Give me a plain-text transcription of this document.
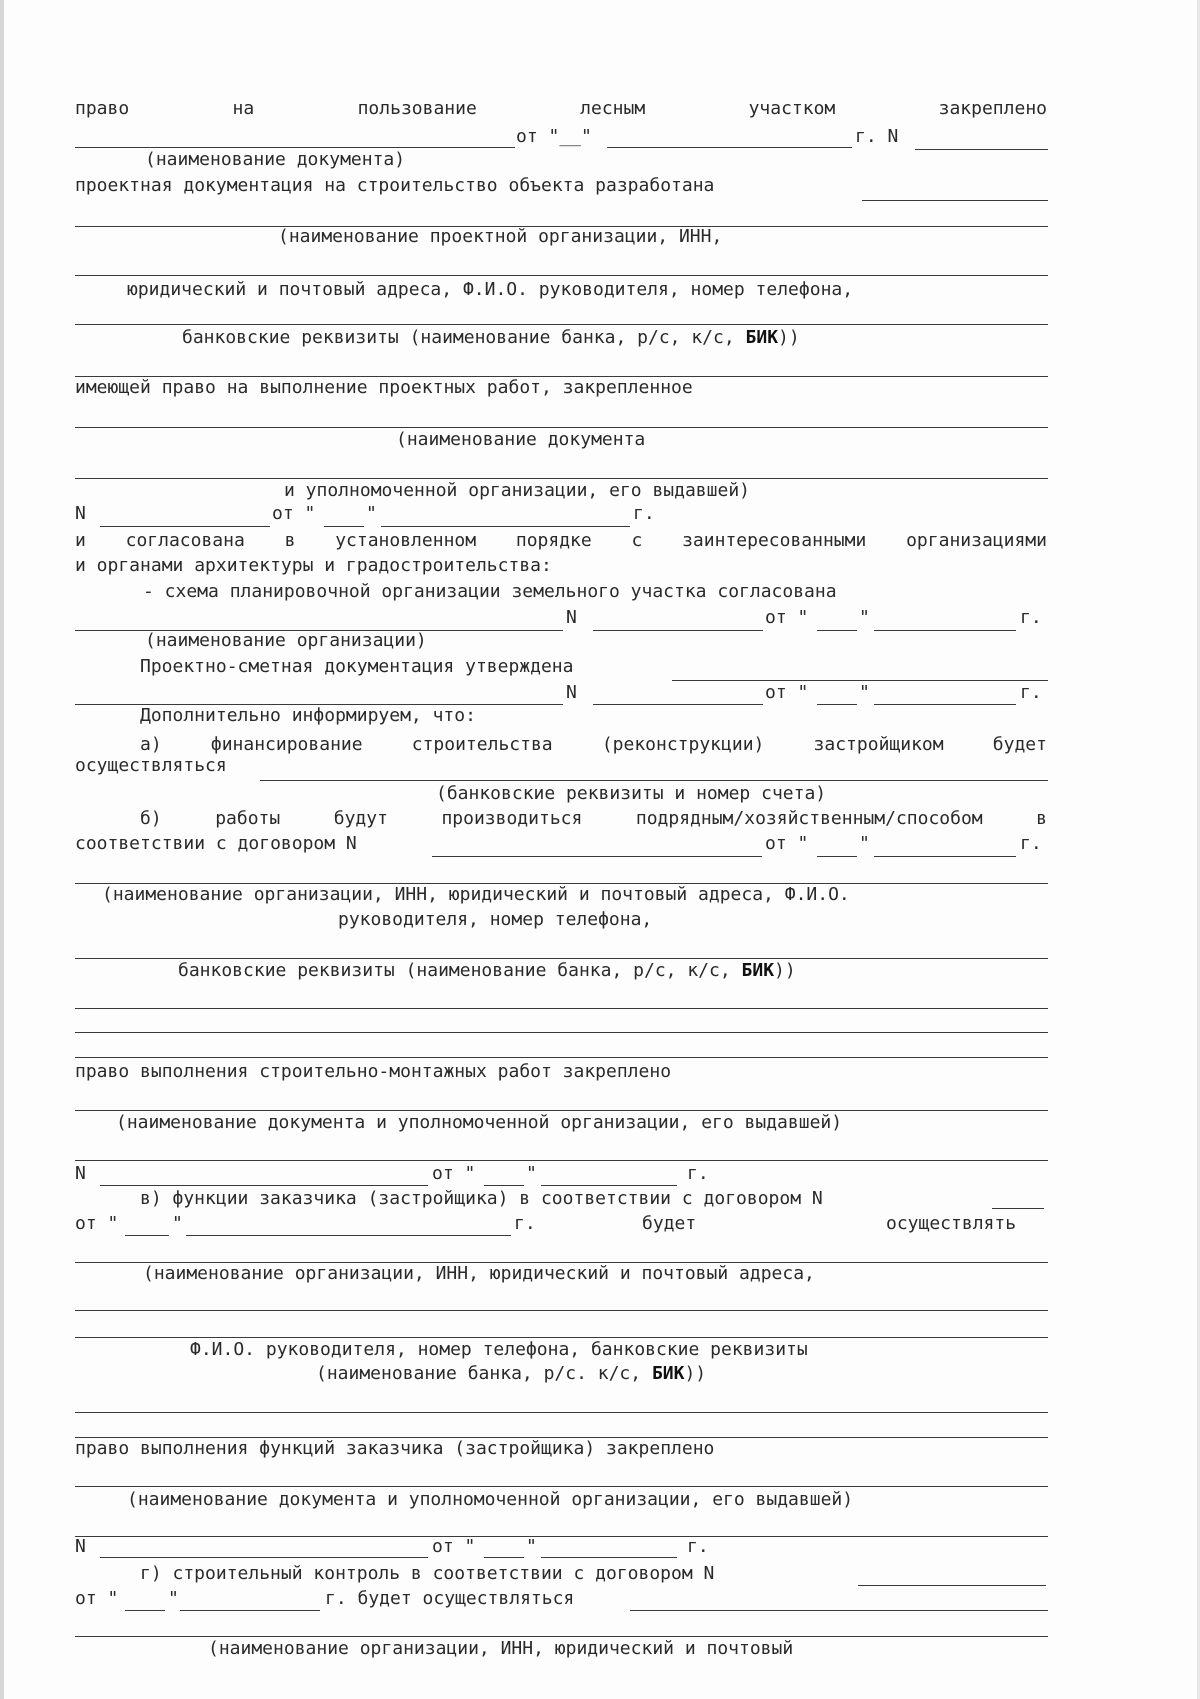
право	на	пользование	лесным	участком	закреплено
от "__"	г. N
(наименование документа)
проектная документация на строительство объекта разработана
(наименование проектной организации, ИНН,
юридический и почтовый адреса, Ф.И.О. руководителя, номер телефона,
банковские реквизиты (наименование банка, р/с, к/с, БИК))
имеющей право на выполнение проектных работ, закрепленное
(наименование документа
и уполномоченной организации, его выдавшей)
N	от "	"	г.
и согласована в установленном порядке с заинтересованными организациями
и органами архитектуры и градостроительства:
- схема планировочной организации земельного участка согласована
N	от "	"	г.
(наименование организации)
Проектно-сметная документация утверждена
N	от "	"	г.
Дополнительно информируем, что:
а)	финансирование	строительства	(реконструкции)	застройщиком	будет
осуществляться
(банковские реквизиты и номер счета)
б)	работы	будут	производиться	подрядным/хозяйственным/способом	в
соответствии с договором N	от "	"	г.
(наименование организации, ИНН, юридический и почтовый адреса, Ф.И.О.
руководителя, номер телефона,
банковские реквизиты (наименование банка, р/с, к/с, БИК))
право выполнения строительно-монтажных работ закреплено
(наименование документа и уполномоченной организации, его выдавшей)
N	от "	"	г.
в) функции заказчика (застройщика) в соответствии с договором N
от "	"	г.	будет	осуществлять
(наименование организации, ИНН, юридический и почтовый адреса,
Ф.И.О. руководителя, номер телефона, банковские реквизиты
(наименование банка, р/с. к/с, БИК))
право выполнения функций заказчика (застройщика) закреплено
(наименование документа и уполномоченной организации, его выдавшей)
N	от "	"	г.
г) строительный контроль в соответствии с договором N
от "	"	г. будет осуществляться
(наименование организации, ИНН, юридический и почтовый
